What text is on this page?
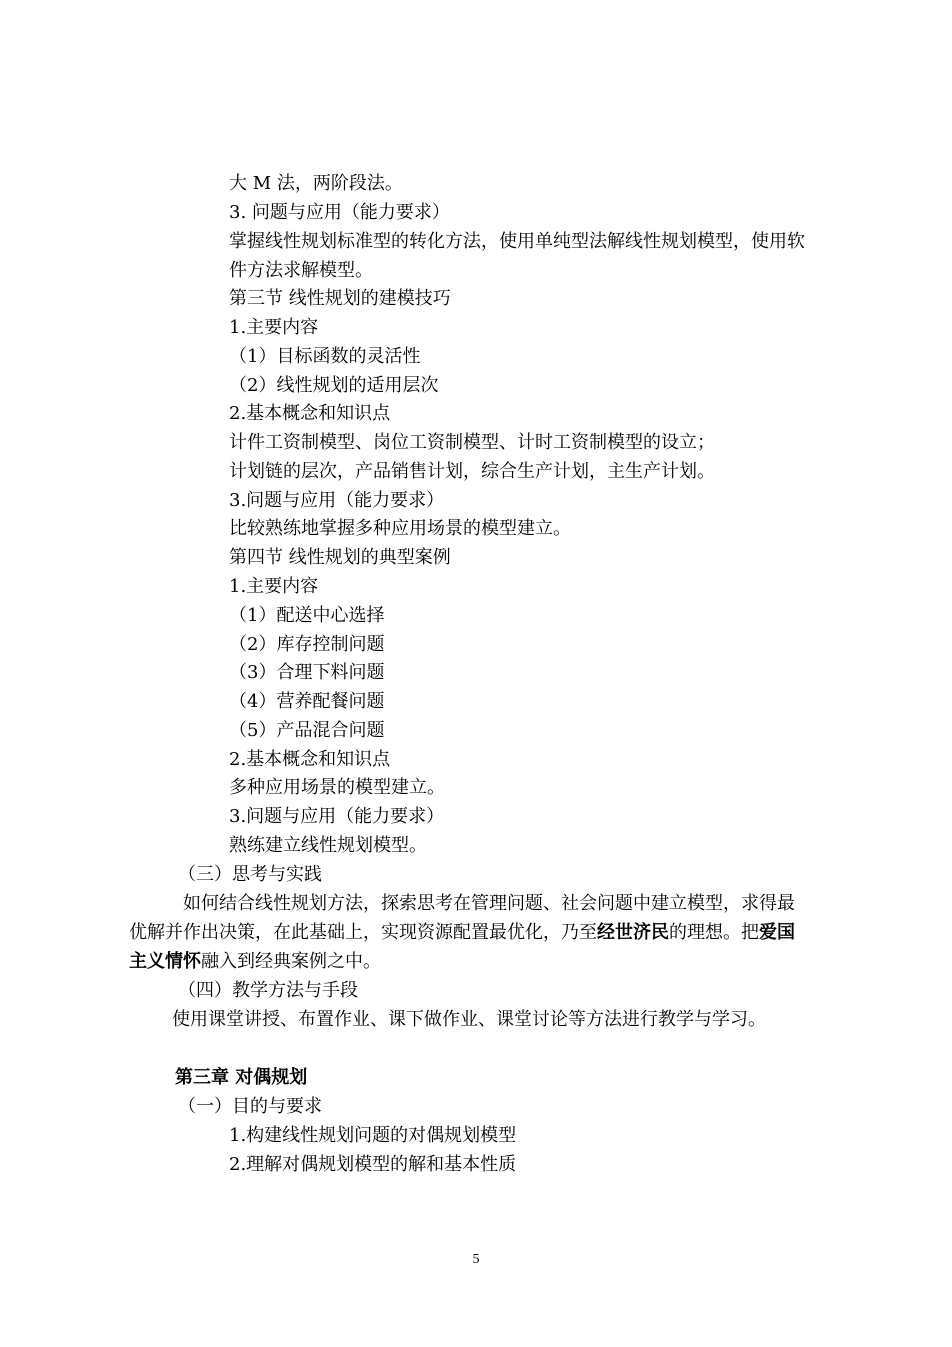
大 M 法，两阶段法。
3. 问题与应用（能力要求）
掌握线性规划标准型的转化方法，使用单纯型法解线性规划模型，使用软
件方法求解模型。
第三节 线性规划的建模技巧
1.主要内容
（1）目标函数的灵活性
（2）线性规划的适用层次
2.基本概念和知识点
计件工资制模型、岗位工资制模型、计时工资制模型的设立；
计划链的层次，产品销售计划，综合生产计划，主生产计划。
3.问题与应用（能力要求）
比较熟练地掌握多种应用场景的模型建立。
第四节 线性规划的典型案例
1.主要内容
（1）配送中心选择
（2）库存控制问题
（3）合理下料问题
（4）营养配餐问题
（5）产品混合问题
2.基本概念和知识点
多种应用场景的模型建立。
3.问题与应用（能力要求）
熟练建立线性规划模型。
（三）思考与实践
如何结合线性规划方法，探索思考在管理问题、社会问题中建立模型，求得最
优解并作出决策，在此基础上，实现资源配置最优化，乃至经世济民的理想。把爱国
主义情怀融入到经典案例之中。
（四）教学方法与手段
使用课堂讲授、布置作业、课下做作业、课堂讨论等方法进行教学与学习。
第三章 对偶规划
（一）目的与要求
1.构建线性规划问题的对偶规划模型
2.理解对偶规划模型的解和基本性质
5
